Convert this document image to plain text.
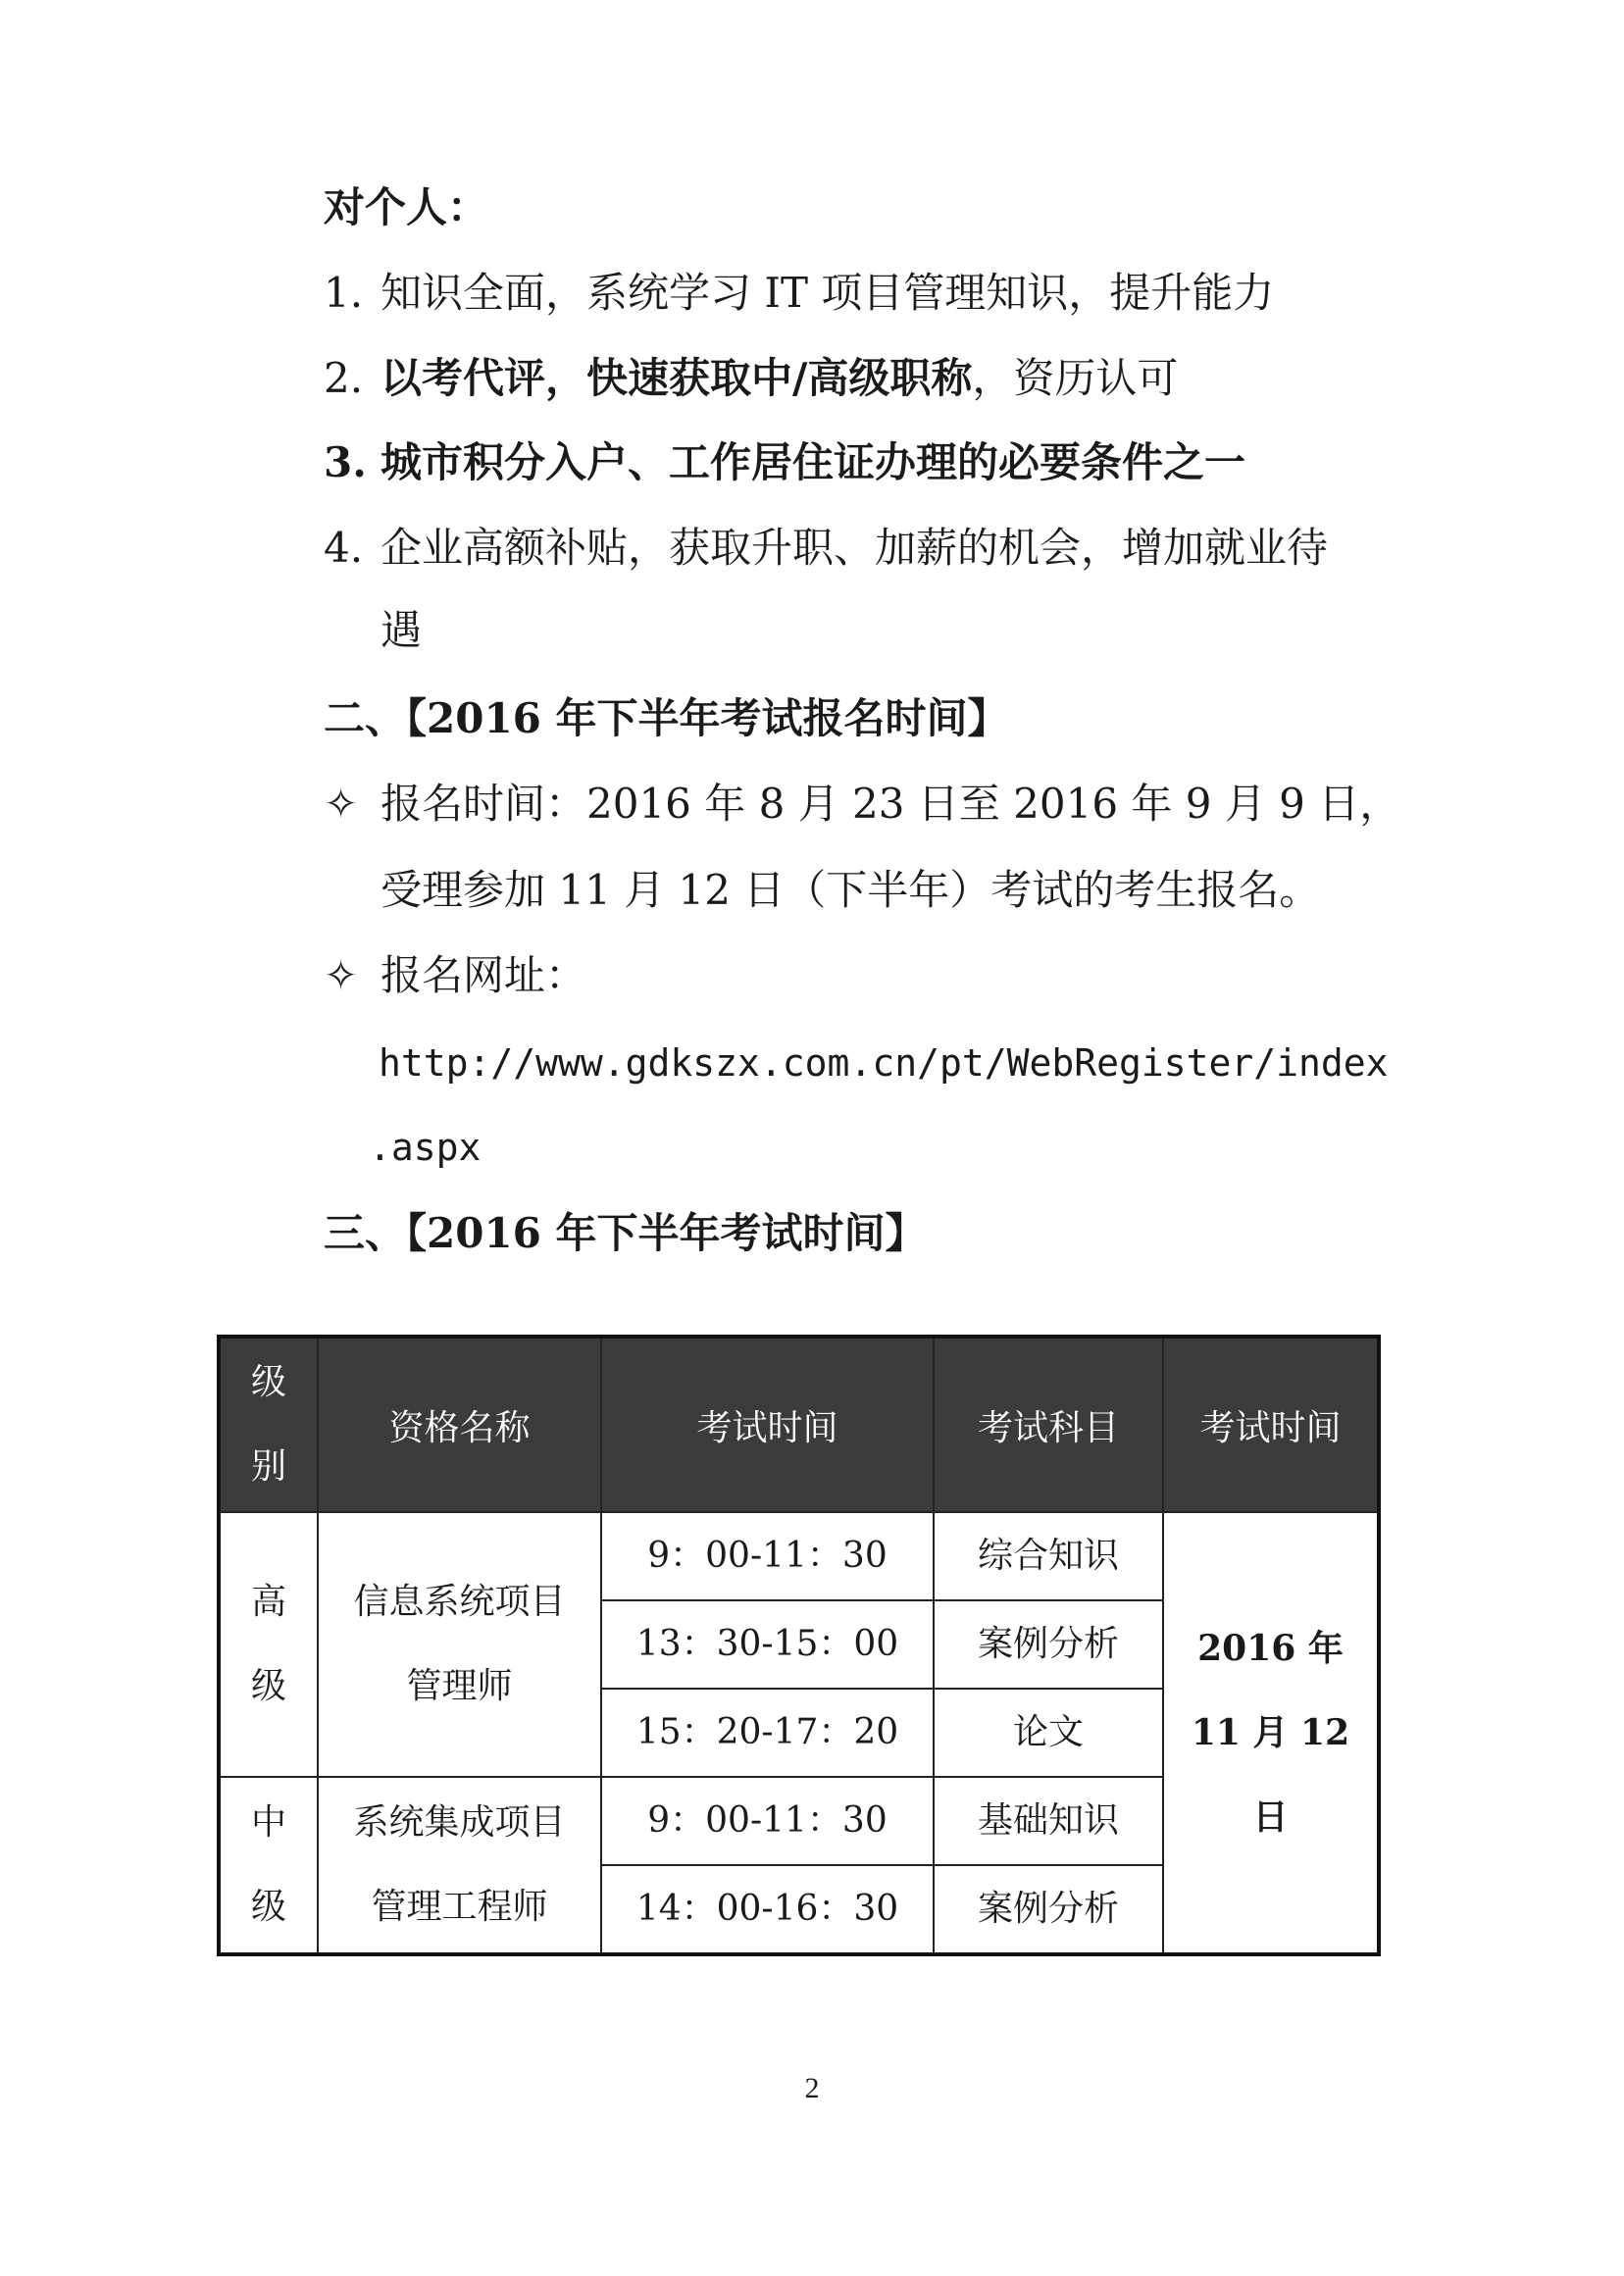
对个人：
1. 知识全面，系统学习 IT 项目管理知识，提升能力
2. 以考代评，快速获取中/高级职称，资历认可
3. 城市积分入户、工作居住证办理的必要条件之一
4. 企业高额补贴，获取升职、加薪的机会，增加就业待
遇
二、【2016 年下半年考试报名时间】
✧ 报名时间：2016 年 8 月 23 日至 2016 年 9 月 9 日，
受理参加 11 月 12 日（下半年）考试的考生报名。
✧ 报名网址：
http://www.gdkszx.com.cn/pt/WebRegister/index
.aspx
三、【2016 年下半年考试时间】
级别	资格名称	考试时间	考试科目	考试时间
高级	信息系统项目管理师	9：00-11：30	综合知识	2016 年 11 月 12 日
		13：30-15：00	案例分析	
		15：20-17：20	论文	
中级	系统集成项目管理工程师	9：00-11：30	基础知识	
		14：00-16：30	案例分析	
2
